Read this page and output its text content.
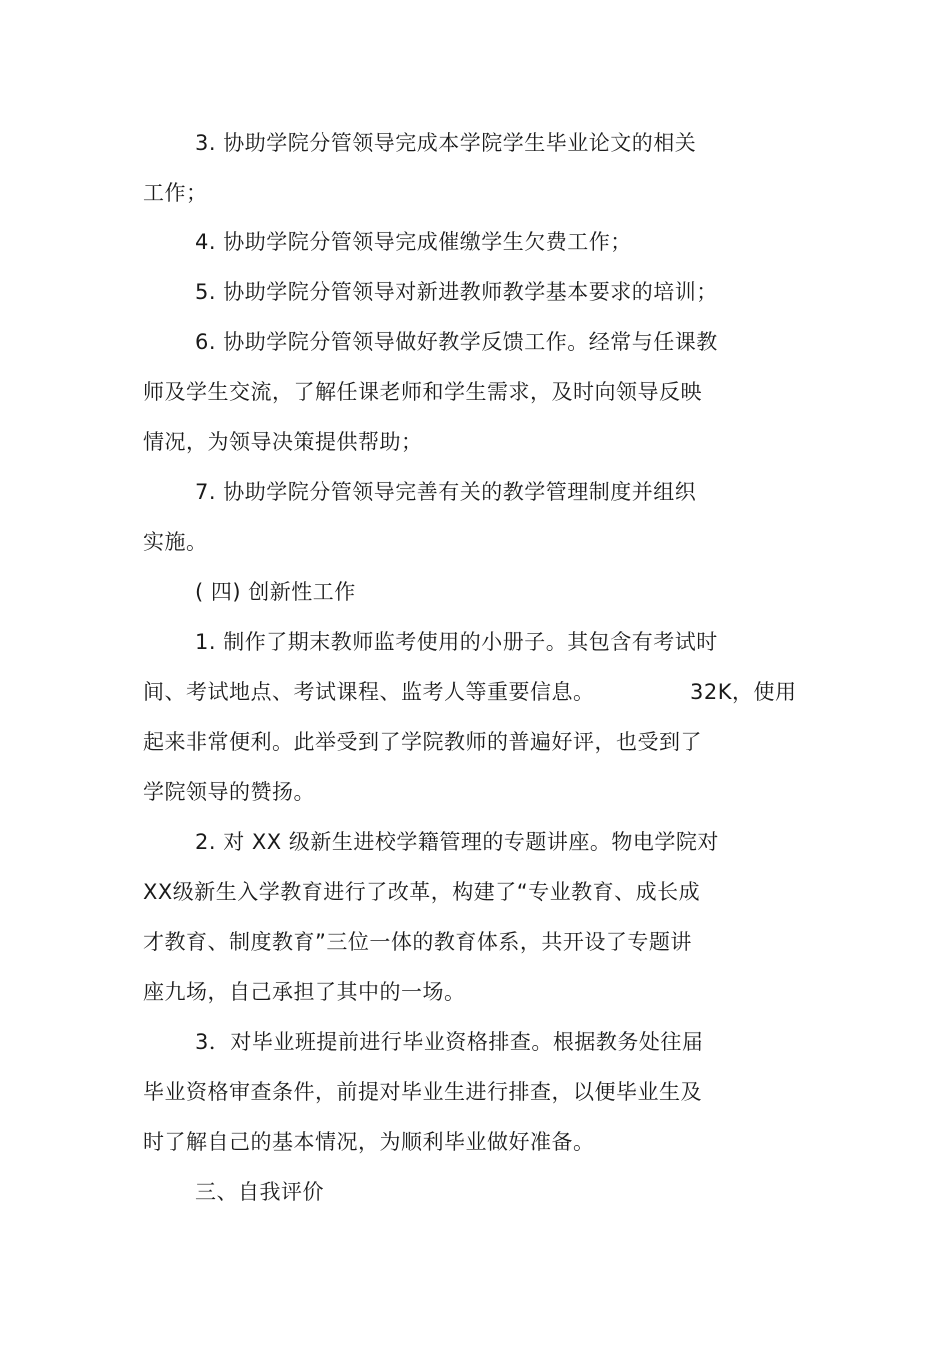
3. 协助学院分管领导完成本学院学生毕业论文的相关
工作；
4. 协助学院分管领导完成催缴学生欠费工作；
5. 协助学院分管领导对新进教师教学基本要求的培训；
6. 协助学院分管领导做好教学反馈工作。经常与任课教
师及学生交流，了解任课老师和学生需求，及时向领导反映
情况，为领导决策提供帮助；
7. 协助学院分管领导完善有关的教学管理制度并组织
实施。
( 四) 创新性工作
1. 制作了期末教师监考使用的小册子。其包含有考试时
间、考试地点、考试课程、监考人等重要信息。	32K，使用
起来非常便利。此举受到了学院教师的普遍好评，也受到了
学院领导的赞扬。
2. 对 XX 级新生进校学籍管理的专题讲座。物电学院对
XX级新生入学教育进行了改革，构建了“专业教育、成长成
才教育、制度教育”三位一体的教育体系，共开设了专题讲
座九场，自己承担了其中的一场。
3．对毕业班提前进行毕业资格排查。根据教务处往届
毕业资格审查条件，前提对毕业生进行排查，以便毕业生及
时了解自己的基本情况，为顺利毕业做好准备。
三、自我评价
